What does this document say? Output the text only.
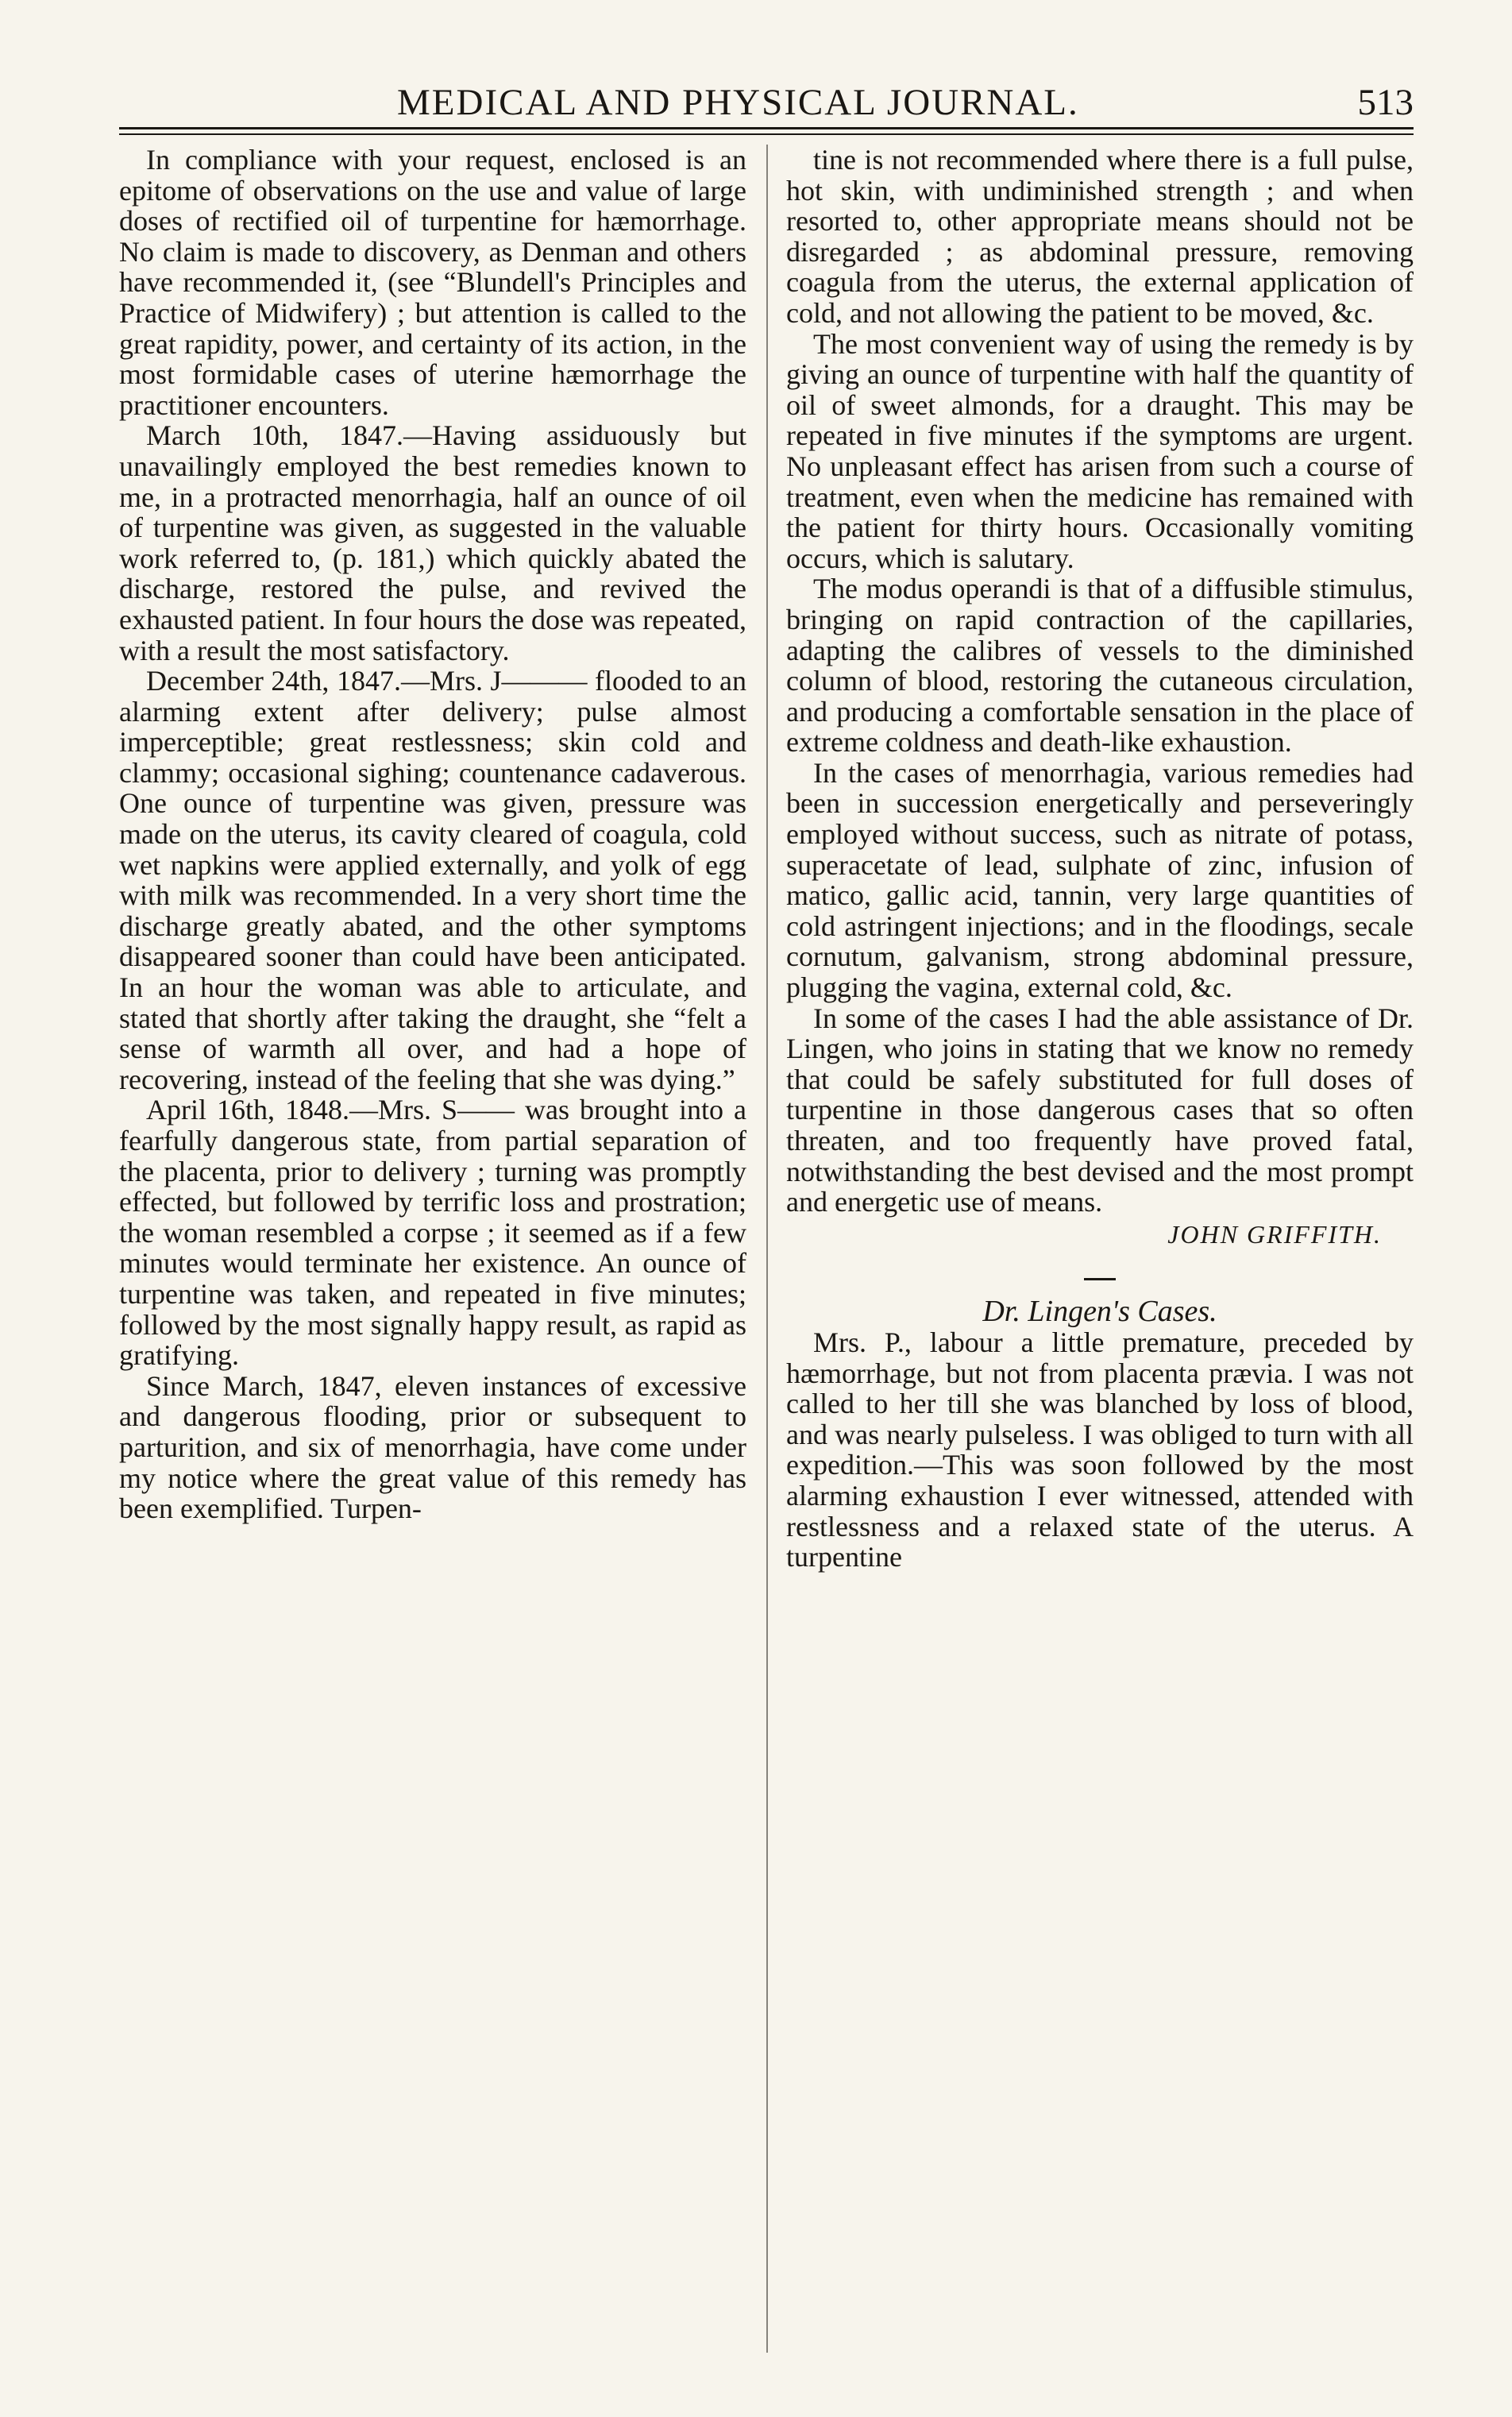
MEDICAL AND PHYSICAL JOURNAL.	513

In compliance with your request, enclosed is an epitome of observations on the use and value of large doses of rectified oil of turpentine for hæmorrhage. No claim is made to discovery, as Denman and others have recommended it, (see “Blundell's Principles and Practice of Midwifery) ; but attention is called to the great rapidity, power, and certainty of its action, in the most formidable cases of uterine hæmorrhage the practitioner encounters.

March 10th, 1847.—Having assiduously but unavailingly employed the best remedies known to me, in a protracted menorrhagia, half an ounce of oil of turpentine was given, as suggested in the valuable work referred to, (p. 181,) which quickly abated the discharge, restored the pulse, and revived the exhausted patient. In four hours the dose was repeated, with a result the most satisfactory.

December 24th, 1847.—Mrs. J——— flooded to an alarming extent after delivery; pulse almost imperceptible; great restlessness; skin cold and clammy; occasional sighing; countenance cadaverous. One ounce of turpentine was given, pressure was made on the uterus, its cavity cleared of coagula, cold wet napkins were applied externally, and yolk of egg with milk was recommended. In a very short time the discharge greatly abated, and the other symptoms disappeared sooner than could have been anticipated. In an hour the woman was able to articulate, and stated that shortly after taking the draught, she “felt a sense of warmth all over, and had a hope of recovering, instead of the feeling that she was dying.”

April 16th, 1848.—Mrs. S—— was brought into a fearfully dangerous state, from partial separation of the placenta, prior to delivery ; turning was promptly effected, but followed by terrific loss and prostration; the woman resembled a corpse ; it seemed as if a few minutes would terminate her existence. An ounce of turpentine was taken, and repeated in five minutes; followed by the most signally happy result, as rapid as gratifying.

Since March, 1847, eleven instances of excessive and dangerous flooding, prior or subsequent to parturition, and six of menorrhagia, have come under my notice where the great value of this remedy has been exemplified. Turpen-

tine is not recommended where there is a full pulse, hot skin, with undiminished strength ; and when resorted to, other appropriate means should not be disregarded ; as abdominal pressure, removing coagula from the uterus, the external application of cold, and not allowing the patient to be moved, &c.

The most convenient way of using the remedy is by giving an ounce of turpentine with half the quantity of oil of sweet almonds, for a draught. This may be repeated in five minutes if the symptoms are urgent. No unpleasant effect has arisen from such a course of treatment, even when the medicine has remained with the patient for thirty hours. Occasionally vomiting occurs, which is salutary.

The modus operandi is that of a diffusible stimulus, bringing on rapid contraction of the capillaries, adapting the calibres of vessels to the diminished column of blood, restoring the cutaneous circulation, and producing a comfortable sensation in the place of extreme coldness and death-like exhaustion.

In the cases of menorrhagia, various remedies had been in succession energetically and perseveringly employed without success, such as nitrate of potass, superacetate of lead, sulphate of zinc, infusion of matico, gallic acid, tannin, very large quantities of cold astringent injections; and in the floodings, secale cornutum, galvanism, strong abdominal pressure, plugging the vagina, external cold, &c.

In some of the cases I had the able assistance of Dr. Lingen, who joins in stating that we know no remedy that could be safely substituted for full doses of turpentine in those dangerous cases that so often threaten, and too frequently have proved fatal, notwithstanding the best devised and the most prompt and energetic use of means.

JOHN GRIFFITH.

Dr. Lingen's Cases.

Mrs. P., labour a little premature, preceded by hæmorrhage, but not from placenta prævia. I was not called to her till she was blanched by loss of blood, and was nearly pulseless. I was obliged to turn with all expedition.—This was soon followed by the most alarming exhaustion I ever witnessed, attended with restlessness and a relaxed state of the uterus. A turpentine
